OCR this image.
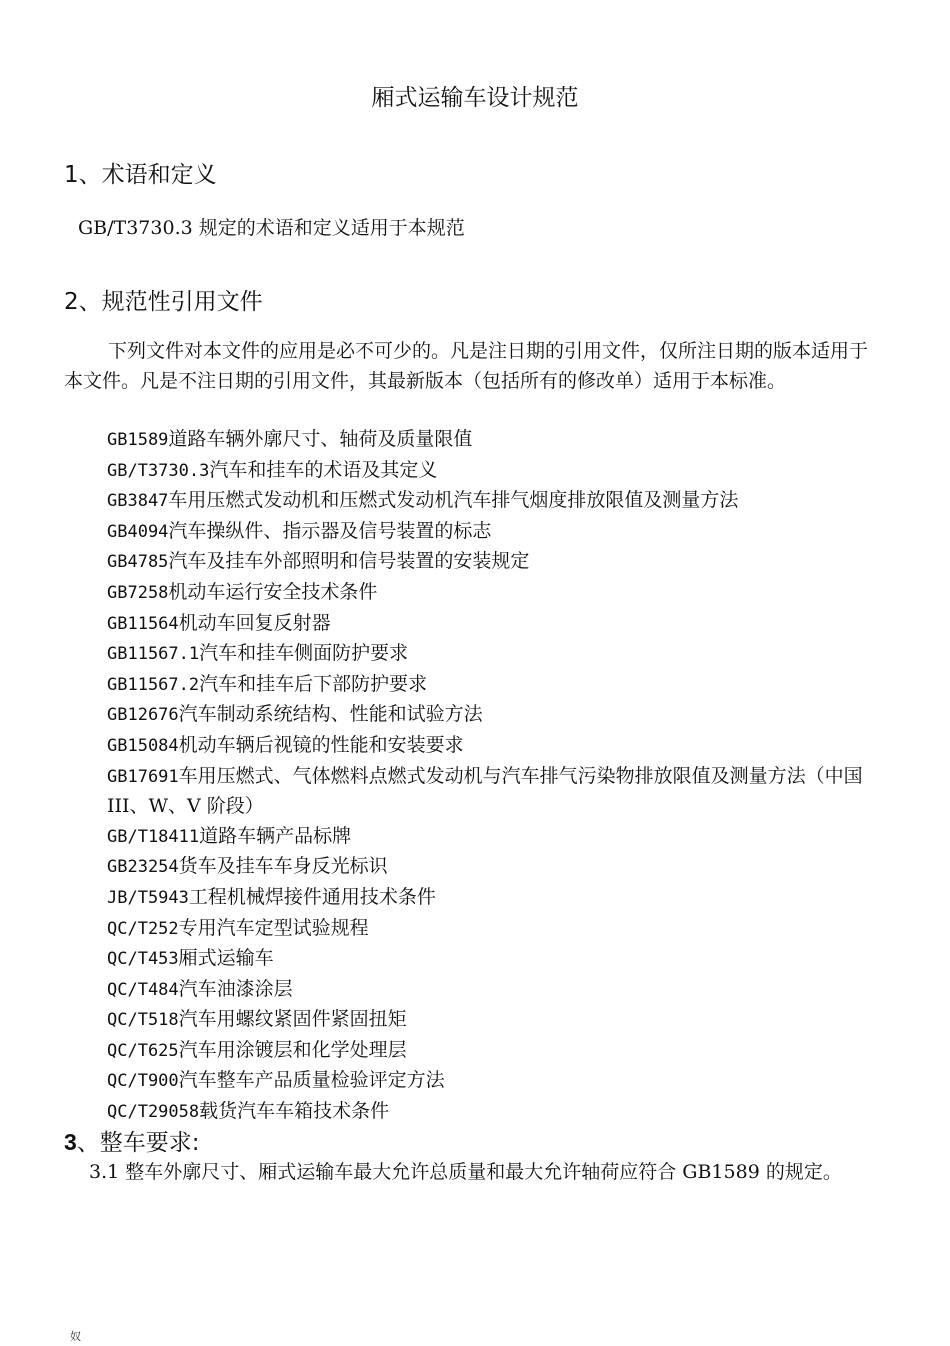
厢式运输车设计规范
1、术语和定义

GB/T3730.3 规定的术语和定义适用于本规范

2、规范性引用文件

下列文件对本文件的应用是必不可少的。凡是注日期的引用文件，仅所注日期的版本适用于本文件。凡是不注日期的引用文件，其最新版本（包括所有的修改单）适用于本标准。

GB1589道路车辆外廓尺寸、轴荷及质量限值
GB/T3730.3汽车和挂车的术语及其定义
GB3847车用压燃式发动机和压燃式发动机汽车排气烟度排放限值及测量方法
GB4094汽车操纵件、指示器及信号装置的标志
GB4785汽车及挂车外部照明和信号装置的安装规定
GB7258机动车运行安全技术条件
GB11564机动车回复反射器
GB11567.1汽车和挂车侧面防护要求
GB11567.2汽车和挂车后下部防护要求
GB12676汽车制动系统结构、性能和试验方法
GB15084机动车辆后视镜的性能和安装要求
GB17691车用压燃式、气体燃料点燃式发动机与汽车排气污染物排放限值及测量方法（中国 III、W、V 阶段）
GB/T18411道路车辆产品标牌
GB23254货车及挂车车身反光标识
JB/T5943工程机械焊接件通用技术条件
QC/T252专用汽车定型试验规程
QC/T453厢式运输车
QC/T484汽车油漆涂层
QC/T518汽车用螺纹紧固件紧固扭矩
QC/T625汽车用涂镀层和化学处理层
QC/T900汽车整车产品质量检验评定方法
QC/T29058载货汽车车箱技术条件
3、整车要求:

3.1 整车外廓尺寸、厢式运输车最大允许总质量和最大允许轴荷应符合 GB1589 的规定。

奴
